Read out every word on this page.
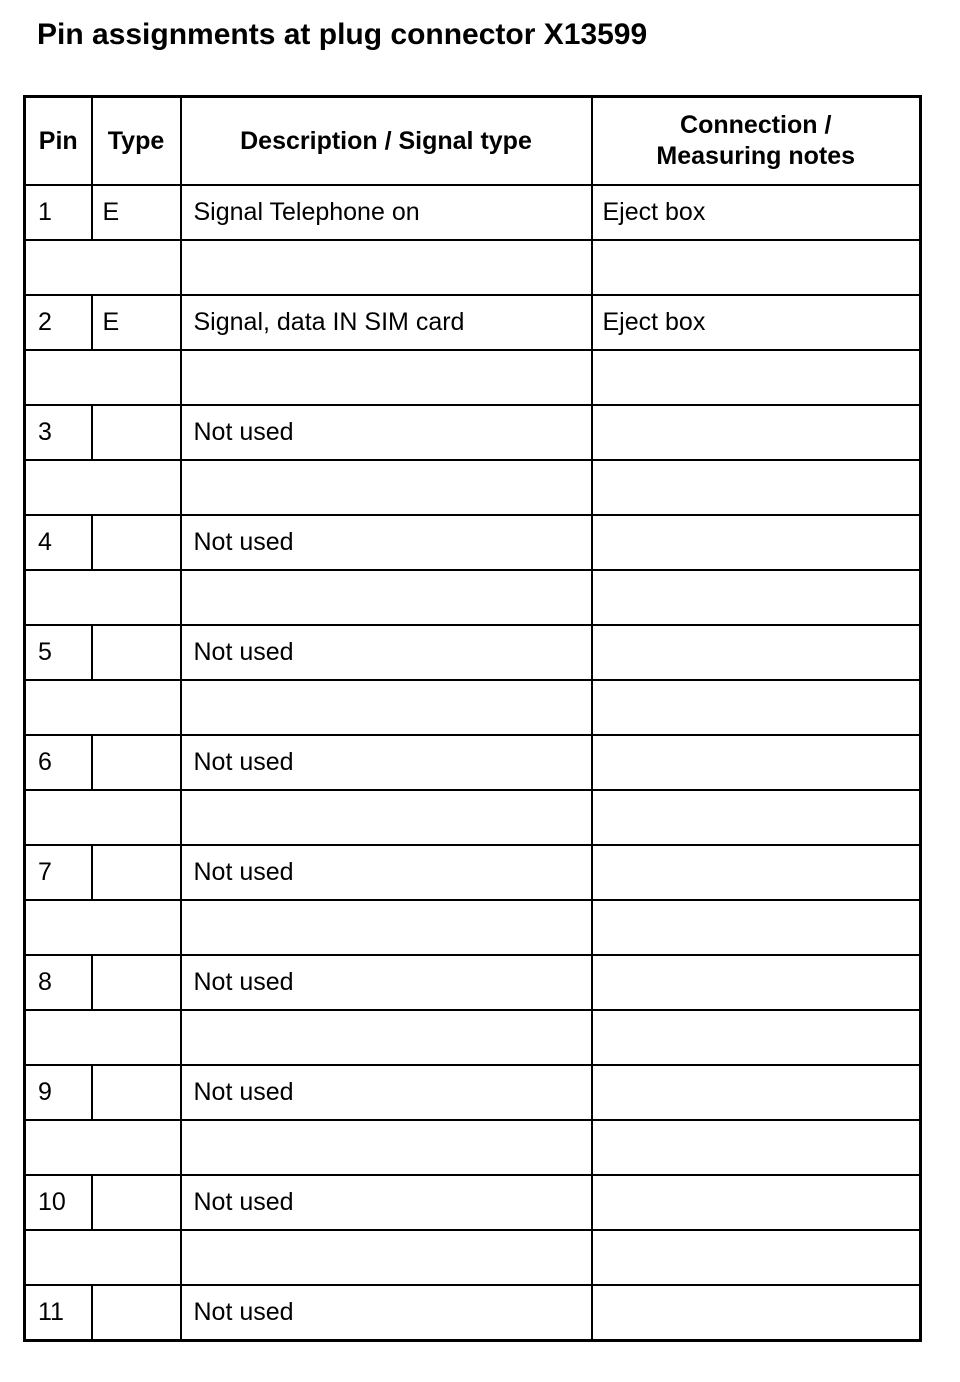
Pin assignments at plug connector X13599
Pin	Type	Description / Signal type	Connection /
Measuring notes
1	E	Signal Telephone on	Eject box

2	E	Signal, data IN SIM card	Eject box

3		Not used	

4		Not used	

5		Not used	

6		Not used	

7		Not used	

8		Not used	

9		Not used	

10		Not used	

11		Not used	
